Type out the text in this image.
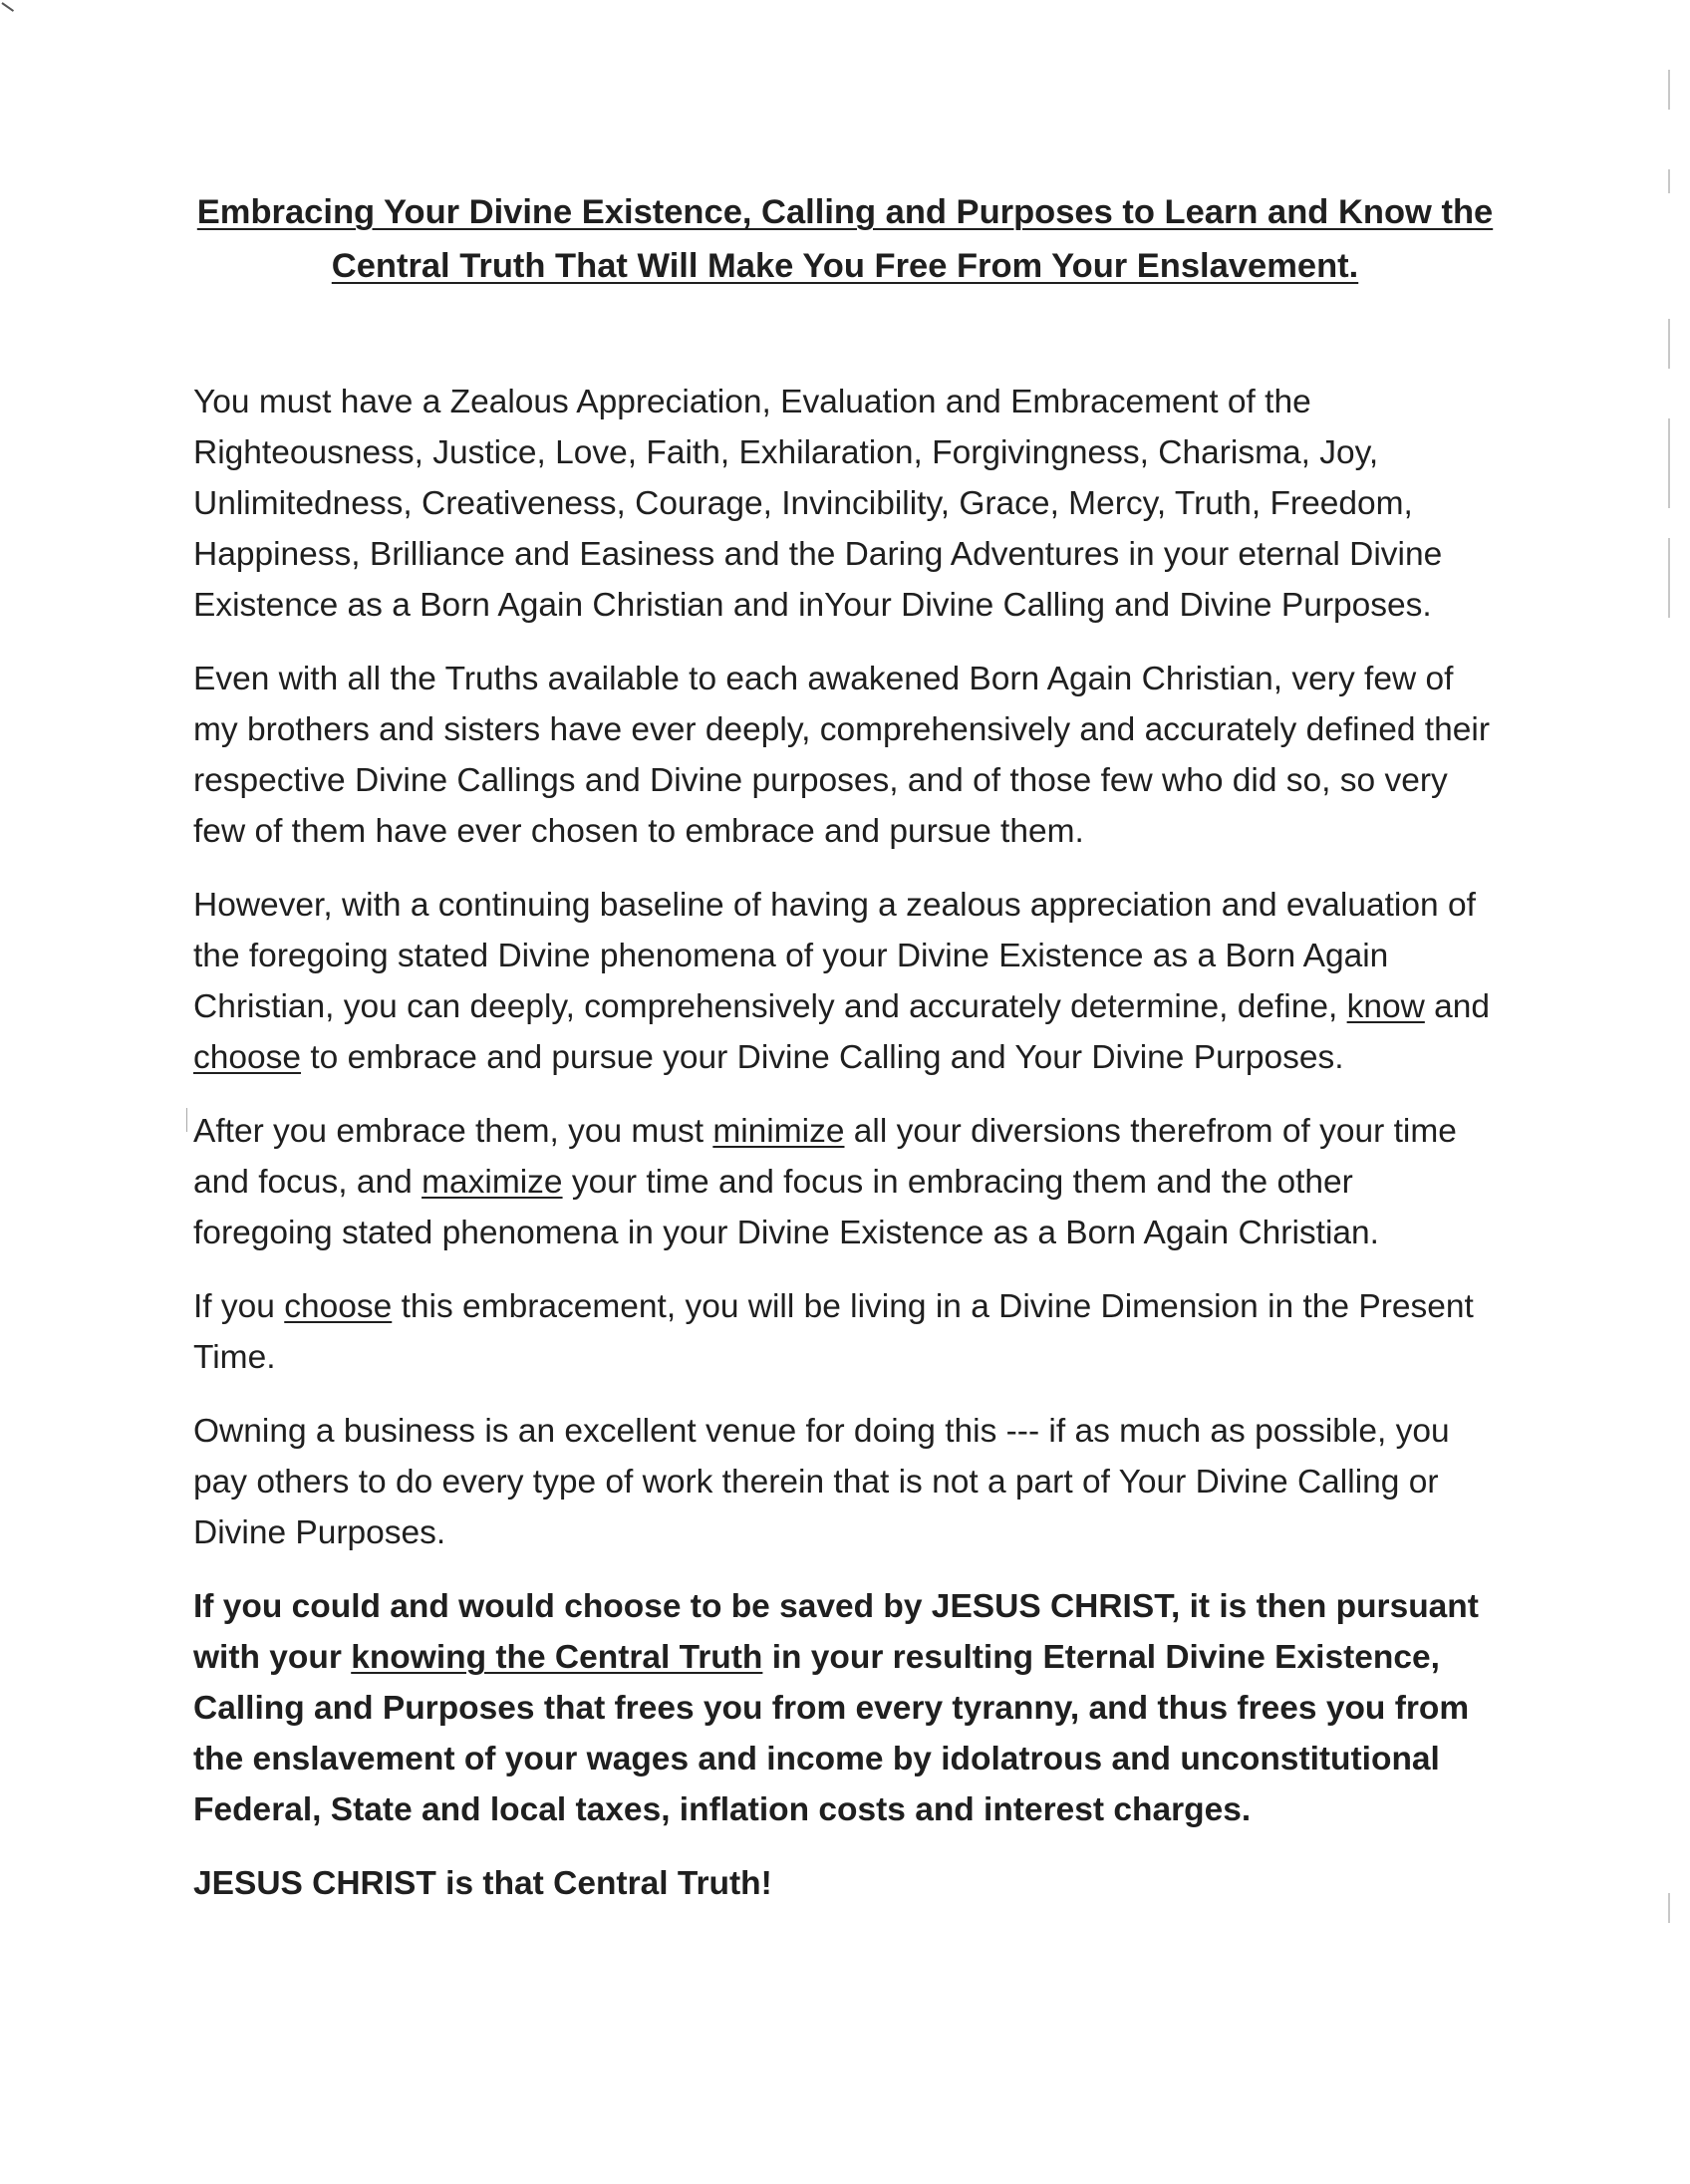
Embracing Your Divine Existence, Calling and Purposes to Learn and Know the Central Truth That Will Make You Free From Your Enslavement.

You must have a Zealous Appreciation, Evaluation and Embracement of the Righteousness, Justice, Love, Faith, Exhilaration, Forgivingness, Charisma, Joy, Unlimitedness, Creativeness, Courage, Invincibility, Grace, Mercy, Truth, Freedom, Happiness, Brilliance and Easiness and the Daring Adventures in your eternal Divine Existence as a Born Again Christian and inYour Divine Calling and Divine Purposes.

Even with all the Truths available to each awakened Born Again Christian, very few of my brothers and sisters have ever deeply, comprehensively and accurately defined their respective Divine Callings and Divine purposes, and of those few who did so, so very few of them have ever chosen to embrace and pursue them.

However, with a continuing baseline of having a zealous appreciation and evaluation of the foregoing stated Divine phenomena of your Divine Existence as a Born Again Christian, you can deeply, comprehensively and accurately determine, define, know and choose to embrace and pursue your Divine Calling and Your Divine Purposes.

After you embrace them, you must minimize all your diversions therefrom of your time and focus, and maximize your time and focus in embracing them and the other foregoing stated phenomena in your Divine Existence as a Born Again Christian.

If you choose this embracement, you will be living in a Divine Dimension in the Present Time.

Owning a business is an excellent venue for doing this --- if as much as possible, you pay others to do every type of work therein that is not a part of Your Divine Calling or Divine Purposes.

If you could and would choose to be saved by JESUS CHRIST, it is then pursuant with your knowing the Central Truth in your resulting Eternal Divine Existence, Calling and Purposes that frees you from every tyranny, and thus frees you from the enslavement of your wages and income by idolatrous and unconstitutional Federal, State and local taxes, inflation costs and interest charges.

JESUS CHRIST is that Central Truth!
